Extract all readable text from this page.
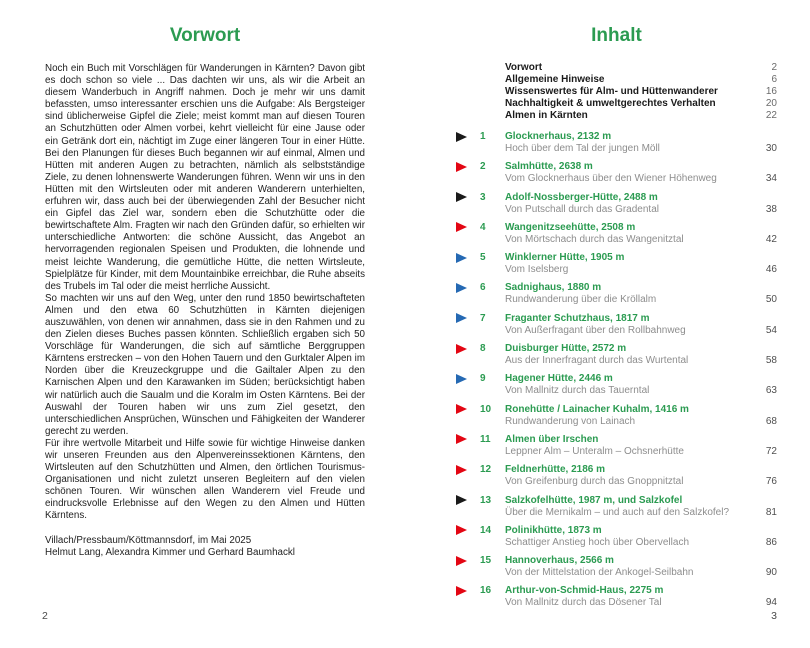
Vorwort

Noch ein Buch mit Vorschlägen für Wanderungen in Kärnten? Davon gibt es doch schon so viele ... Das dachten wir uns, als wir die Arbeit an diesem Wanderbuch in Angriff nahmen. Doch je mehr wir uns damit befassten, umso interessanter erschien uns die Aufgabe: Als Bergsteiger sind üblicherweise Gipfel die Ziele; meist kommt man auf diesen Touren an Schutzhütten oder Almen vorbei, kehrt vielleicht für eine Jause oder ein Getränk dort ein, nächtigt im Zuge einer längeren Tour in einer Hütte. Bei den Planungen für dieses Buch begannen wir auf einmal, Almen und Hütten mit anderen Augen zu betrachten, nämlich als selbstständige Ziele, zu denen lohnenswerte Wanderungen führen. Wenn wir uns in den Hütten mit den Wirtsleuten oder mit anderen Wanderern unterhielten, erfuhren wir, dass auch bei der überwiegenden Zahl der Besucher nicht ein Gipfel das Ziel war, sondern eben die Schutzhütte oder die bewirtschaftete Alm. Fragten wir nach den Gründen dafür, so erhielten wir unterschiedliche Antworten: die schöne Aussicht, das Angebot an hervorragenden regionalen Speisen und Produkten, die lohnende und meist leichte Wanderung, die gemütliche Hütte, die netten Wirtsleute, Spielplätze für Kinder, mit dem Mountainbike erreichbar, die Ruhe abseits des Trubels im Tal oder die meist herrliche Aussicht.

So machten wir uns auf den Weg, unter den rund 1850 bewirtschafteten Almen und den etwa 60 Schutzhütten in Kärnten diejenigen auszuwählen, von denen wir annahmen, dass sie in den Rahmen und zu den Zielen dieses Buches passen könnten. Schließlich ergaben sich 50 Vorschläge für Wanderungen, die sich auf sämtliche Berggruppen Kärntens erstrecken – von den Hohen Tauern und den Gurktaler Alpen im Norden über die Kreuzeckgruppe und die Gailtaler Alpen zu den Karnischen Alpen und den Karawanken im Süden; berücksichtigt haben wir natürlich auch die Saualm und die Koralm im Osten Kärntens. Bei der Auswahl der Touren haben wir uns zum Ziel gesetzt, den unterschiedlichen Ansprüchen, Wünschen und Fähigkeiten der Wanderer gerecht zu werden.

Für ihre wertvolle Mitarbeit und Hilfe sowie für wichtige Hinweise danken wir unseren Freunden aus den Alpenvereinssektionen Kärntens, den Wirtsleuten auf den Schutzhütten und Almen, den örtlichen Tourismus-Organisationen und nicht zuletzt unseren Begleitern auf den vielen schönen Touren. Wir wünschen allen Wanderern viel Freude und eindrucksvolle Erlebnisse auf den Wegen zu den Almen und Hütten Kärntens.

Villach/Pressbaum/Köttmannsdorf, im Mai 2025
Helmut Lang, Alexandra Kimmer und Gerhard Baumhackl
2
Inhalt
Vorwort	2
Allgemeine Hinweise	6
Wissenswertes für Alm- und Hüttenwanderer	16
Nachhaltigkeit & umweltgerechtes Verhalten	20
Almen in Kärnten	22
1	Glocknerhaus, 2132 m
Hoch über dem Tal der jungen Möll	30
2	Salmhütte, 2638 m
Vom Glocknerhaus über den Wiener Höhenweg	34
3	Adolf-Nossberger-Hütte, 2488 m
Von Putschall durch das Gradental	38
4	Wangenitzseehütte, 2508 m
Von Mörtschach durch das Wangenitztal	42
5	Winklerner Hütte, 1905 m
Vom Iselsberg	46
6	Sadnighaus, 1880 m
Rundwanderung über die Kröllalm	50
7	Fraganter Schutzhaus, 1817 m
Von Außerfragant über den Rollbahnweg	54
8	Duisburger Hütte, 2572 m
Aus der Innerfragant durch das Wurtental	58
9	Hagener Hütte, 2446 m
Von Mallnitz durch das Tauerntal	63
10	Ronehütte / Lainacher Kuhalm, 1416 m
Rundwanderung von Lainach	68
11	Almen über Irschen
Leppner Alm – Unteralm – Ochsnerhütte	72
12	Feldnerhütte, 2186 m
Von Greifenburg durch das Gnoppnitztal	76
13	Salzkofelhütte, 1987 m, und Salzkofel
Über die Mernikalm – und auch auf den Salzkofel?	81
14	Polinikhütte, 1873 m
Schattiger Anstieg hoch über Obervellach	86
15	Hannoverhaus, 2566 m
Von der Mittelstation der Ankogel-Seilbahn	90
16	Arthur-von-Schmid-Haus, 2275 m
Von Mallnitz durch das Dösener Tal	94
3
